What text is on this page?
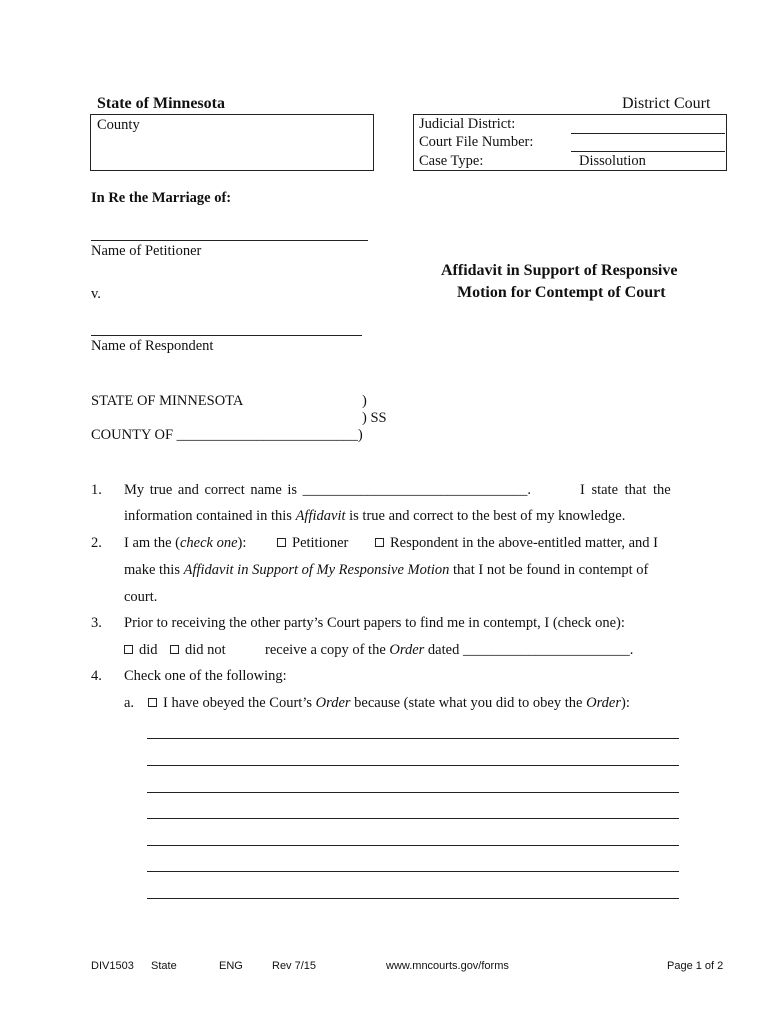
State of Minnesota	District Court
County	Judicial District:
Court File Number:
Case Type:	Dissolution
In Re the Marriage of:
Name of Petitioner
Affidavit in Support of Responsive
Motion for Contempt of Court
v.
Name of Respondent
STATE OF MINNESOTA	)
) SS
COUNTY OF _________________________)
1. My true and correct name is _______________________________.	I state that the
information contained in this Affidavit is true and correct to the best of my knowledge.
2. I am the (check one):	Petitioner	Respondent in the above-entitled matter, and I
make this Affidavit in Support of My Responsive Motion that I not be found in contempt of
court.
3. Prior to receiving the other party’s Court papers to find me in contempt, I (check one):
did	did not	receive a copy of the Order dated _______________________.
4. Check one of the following:
a.	I have obeyed the Court’s Order because (state what you did to obey the Order):
DIV1503 State	ENG	Rev 7/15	www.mncourts.gov/forms	Page 1 of 2
